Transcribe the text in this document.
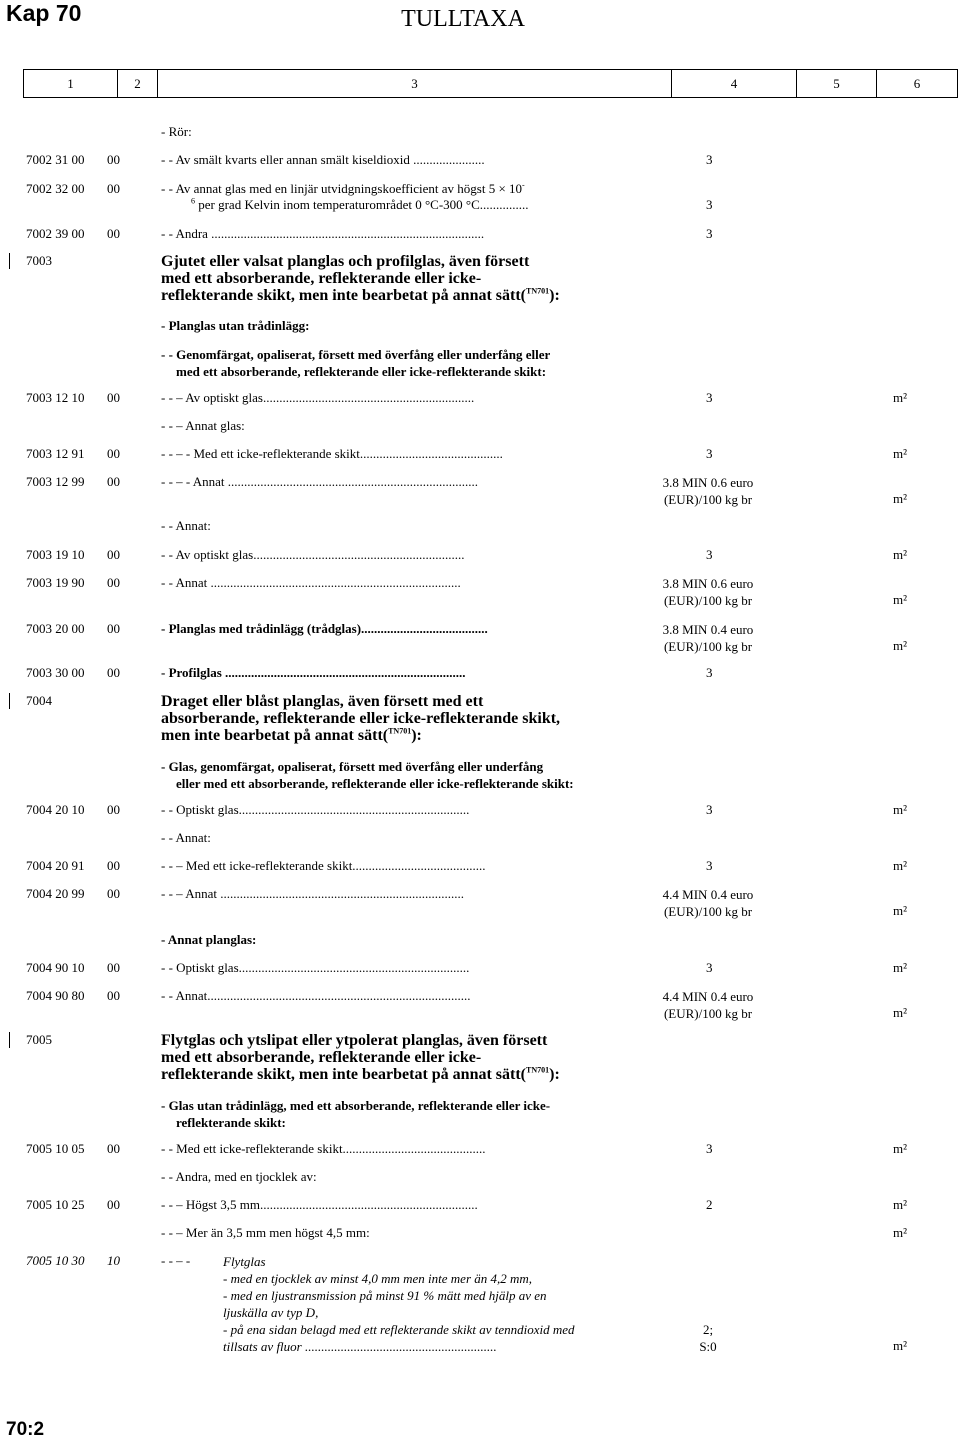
Kap 70	TULLTAXA
1	2	3	4	5	6
- Rör:
7002 31 00 00	- - Av smält kvarts eller annan smält kiseldioxid ......................	3
7002 32 00 00	- - Av annat glas med en linjär utvidgningskoefficient av högst 5 × 10-
$^6$ per grad Kelvin inom temperaturområdet 0 °C-300 °C...............	3
7002 39 00 00	- - Andra ....................................................................................	3
7003	Gjutet eller valsat planglas och profilglas, även försett
med ett absorberande, reflekterande eller icke-
reflekterande skikt, men inte bearbetat på annat sätt($^{TN701}$):
- Planglas utan trådinlägg:
- - Genomfärgat, opaliserat, försett med överfång eller underfång eller
med ett absorberande, reflekterande eller icke-reflekterande skikt:
7003 12 10 00	- - – Av optiskt glas.................................................................	3	m²
- - – Annat glas:
7003 12 91 00	- - – - Med ett icke-reflekterande skikt............................................	3	m²
7003 12 99 00	- - – - Annat .............................................................................	3.8 MIN 0.6 euro
(EUR)/100 kg br	m²
- - Annat:
7003 19 10 00	- - Av optiskt glas.................................................................	3	m²
7003 19 90 00	- - Annat .............................................................................	3.8 MIN 0.6 euro
(EUR)/100 kg br	m²
7003 20 00 00	- Planglas med trådinlägg (trådglas).......................................	3.8 MIN 0.4 euro
(EUR)/100 kg br	m²
7003 30 00 00	- Profilglas ..........................................................................	3
7004	Draget eller blåst planglas, även försett med ett
absorberande, reflekterande eller icke-reflekterande skikt,
men inte bearbetat på annat sätt($^{TN701}$):
- Glas, genomfärgat, opaliserat, försett med överfång eller underfång
eller med ett absorberande, reflekterande eller icke-reflekterande skikt:
7004 20 10 00	- - Optiskt glas.......................................................................	3	m²
- - Annat:
7004 20 91 00	- - – Med ett icke-reflekterande skikt.........................................	3	m²
7004 20 99 00	- - – Annat ...........................................................................	4.4 MIN 0.4 euro
(EUR)/100 kg br	m²
- Annat planglas:
7004 90 10 00	- - Optiskt glas.......................................................................	3	m²
7004 90 80 00	- - Annat.................................................................................	4.4 MIN 0.4 euro
(EUR)/100 kg br	m²
7005	Flytglas och ytslipat eller ytpolerat planglas, även försett
med ett absorberande, reflekterande eller icke-
reflekterande skikt, men inte bearbetat på annat sätt($^{TN701}$):
- Glas utan trådinlägg, med ett absorberande, reflekterande eller icke-
reflekterande skikt:
7005 10 05 00	- - Med ett icke-reflekterande skikt............................................	3	m²
- - Andra, med en tjocklek av:
7005 10 25 00	- - – Högst 3,5 mm...................................................................	2	m²
- - – Mer än 3,5 mm men högst 4,5 mm:	m²
7005 10 30 10	- - – -	Flytglas
- med en tjocklek av minst 4,0 mm men inte mer än 4,2 mm,
- med en ljustransmission på minst 91 % mätt med hjälp av en
ljuskälla av typ D,
- på ena sidan belagd med ett reflekterande skikt av tenndioxid med
tillsats av fluor ...........................................................
2;
S:0	m²
70:2
